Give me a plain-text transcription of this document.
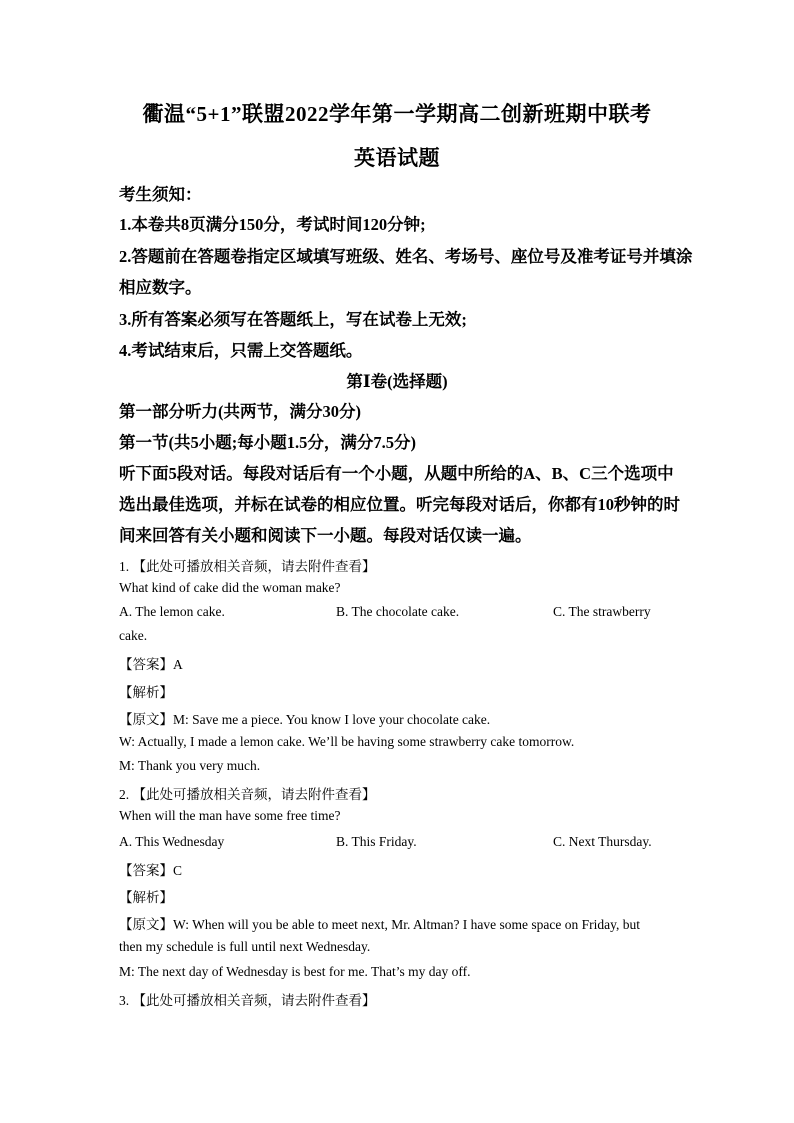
衢温“5+1”联盟2022学年第一学期高二创新班期中联考
英语试题
考生须知：
1.本卷共8页满分150分，考试时间120分钟;
2.答题前在答题卷指定区域填写班级、姓名、考场号、座位号及准考证号并填涂
相应数字。
3.所有答案必须写在答题纸上，写在试卷上无效;
4.考试结束后，只需上交答题纸。
第Ⅰ卷(选择题)
第一部分听力(共两节，满分30分)
第一节(共5小题;每小题1.5分，满分7.5分)
听下面5段对话。每段对话后有一个小题，从题中所给的A、B、C三个选项中
选出最佳选项，并标在试卷的相应位置。听完每段对话后，你都有10秒钟的时
间来回答有关小题和阅读下一小题。每段对话仅读一遍。
1. 【此处可播放相关音频，请去附件查看】
What kind of cake did the woman make?
A. The lemon cake.	B. The chocolate cake.	C. The strawberry
cake.
【答案】A
【解析】
【原文】M: Save me a piece. You know I love your chocolate cake.
W: Actually, I made a lemon cake. We’ll be having some strawberry cake tomorrow.
M: Thank you very much.
2. 【此处可播放相关音频，请去附件查看】
When will the man have some free time?
A. This Wednesday	B. This Friday.	C. Next Thursday.
【答案】C
【解析】
【原文】W: When will you be able to meet next, Mr. Altman? I have some space on Friday, but
then my schedule is full until next Wednesday.
M: The next day of Wednesday is best for me. That’s my day off.
3. 【此处可播放相关音频，请去附件查看】
